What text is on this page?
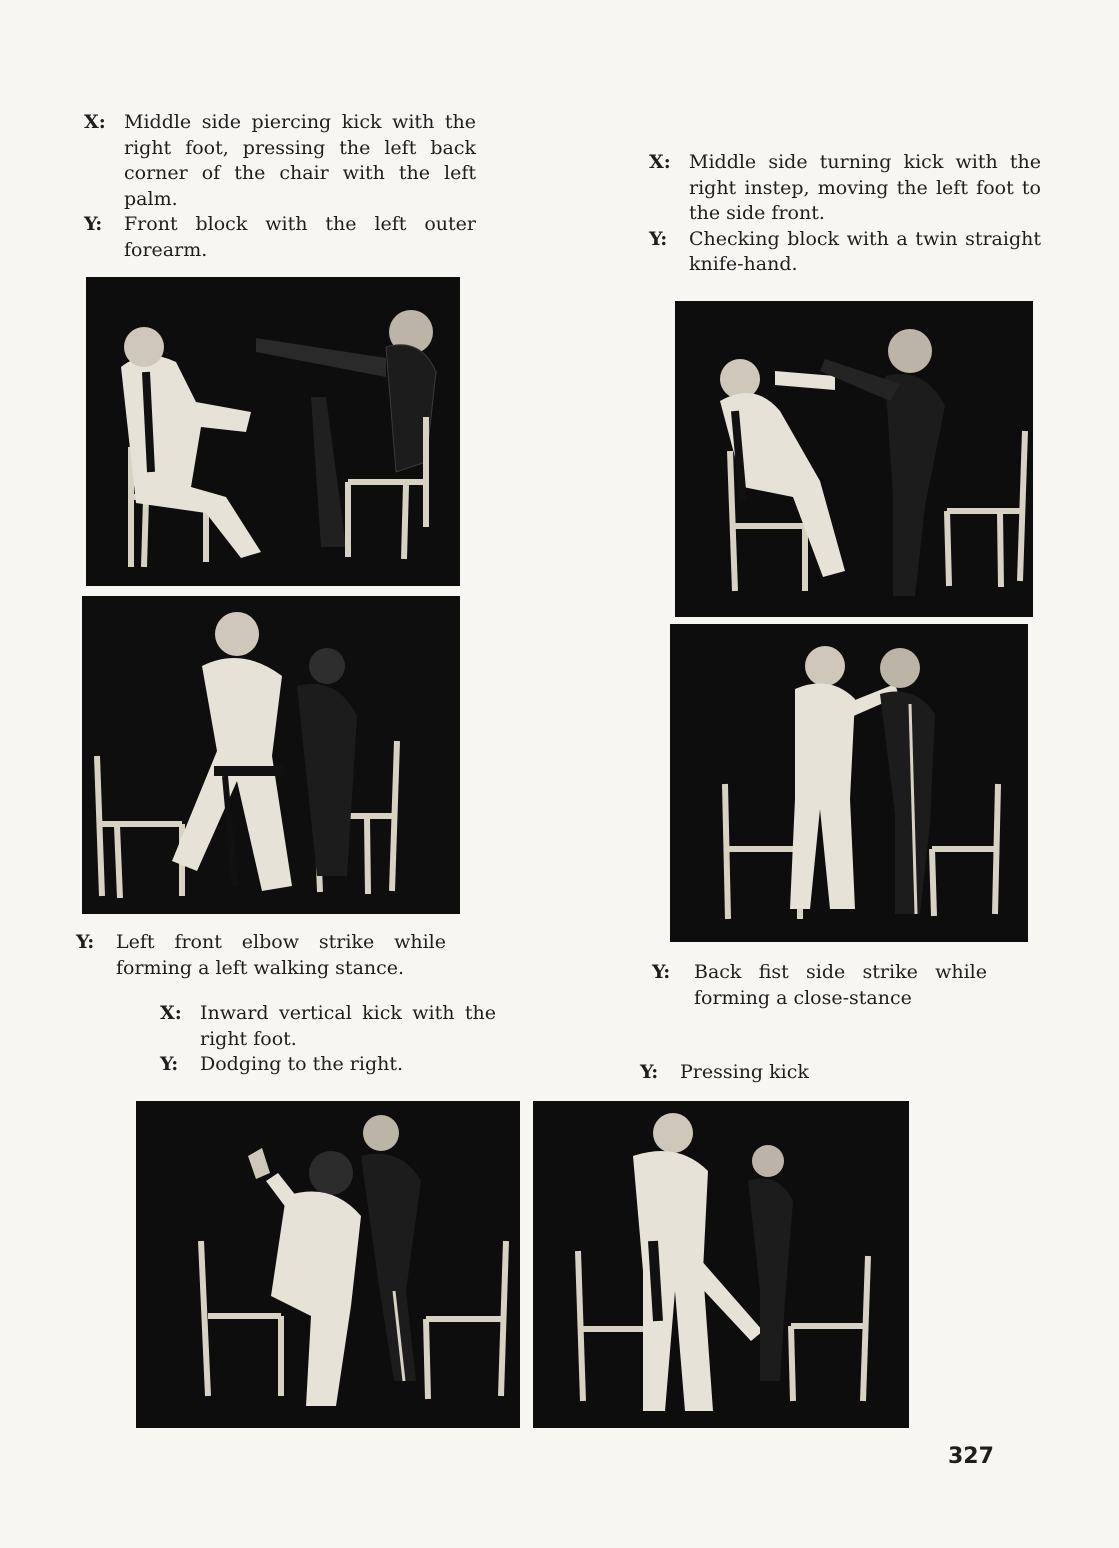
X: Middle side piercing kick with the right foot, pressing the left back corner of the chair with the left palm.
Y:	Front block with the left outer forearm.
X: Middle side turning kick with the right instep, moving the left foot to the side front.
Y:	Checking block with a twin straight knife-hand.
Y:	Left front elbow strike while forming a left walking stance.	Y:	Back fist side strike while forming a close-stance
X: Inward vertical kick with the right foot.
Y:	Dodging to the right.	Y:	Pressing kick
327
